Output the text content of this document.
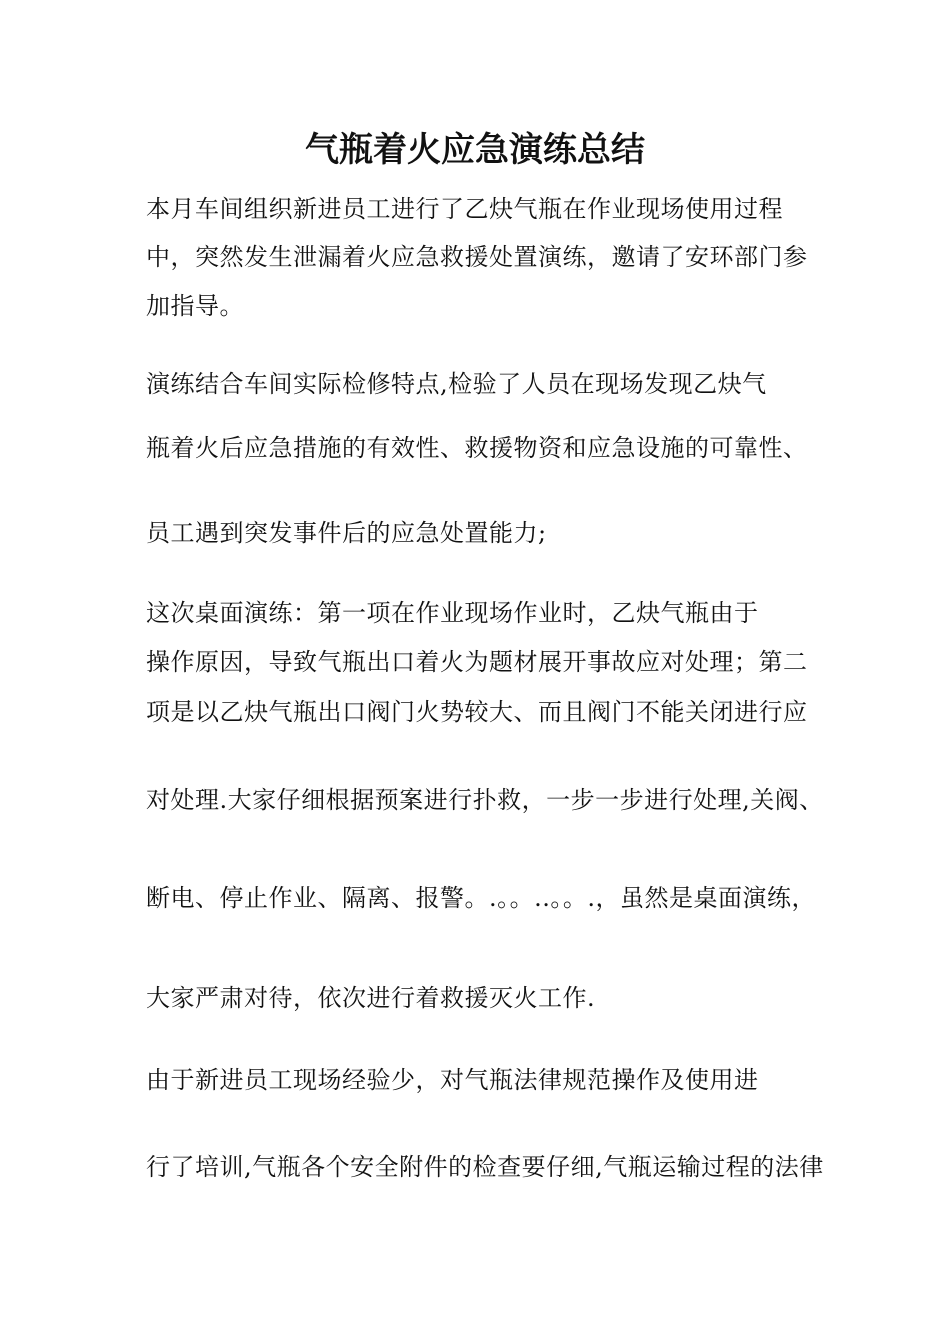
气瓶着火应急演练总结
本月车间组织新进员工进行了乙炔气瓶在作业现场使用过程
中，突然发生泄漏着火应急救援处置演练，邀请了安环部门参
加指导。
演练结合车间实际检修特点,检验了人员在现场发现乙炔气
瓶着火后应急措施的有效性、救援物资和应急设施的可靠性、
员工遇到突发事件后的应急处置能力;
这次桌面演练：第一项在作业现场作业时，乙炔气瓶由于
操作原因，导致气瓶出口着火为题材展开事故应对处理；第二
项是以乙炔气瓶出口阀门火势较大、而且阀门不能关闭进行应
对处理.大家仔细根据预案进行扑救，一步一步进行处理,关阀、
断电、停止作业、隔离、报警。.。。..。。.，虽然是桌面演练，
大家严肃对待，依次进行着救援灭火工作.
由于新进员工现场经验少，对气瓶法律规范操作及使用进
行了培训,气瓶各个安全附件的检查要仔细,气瓶运输过程的法律
